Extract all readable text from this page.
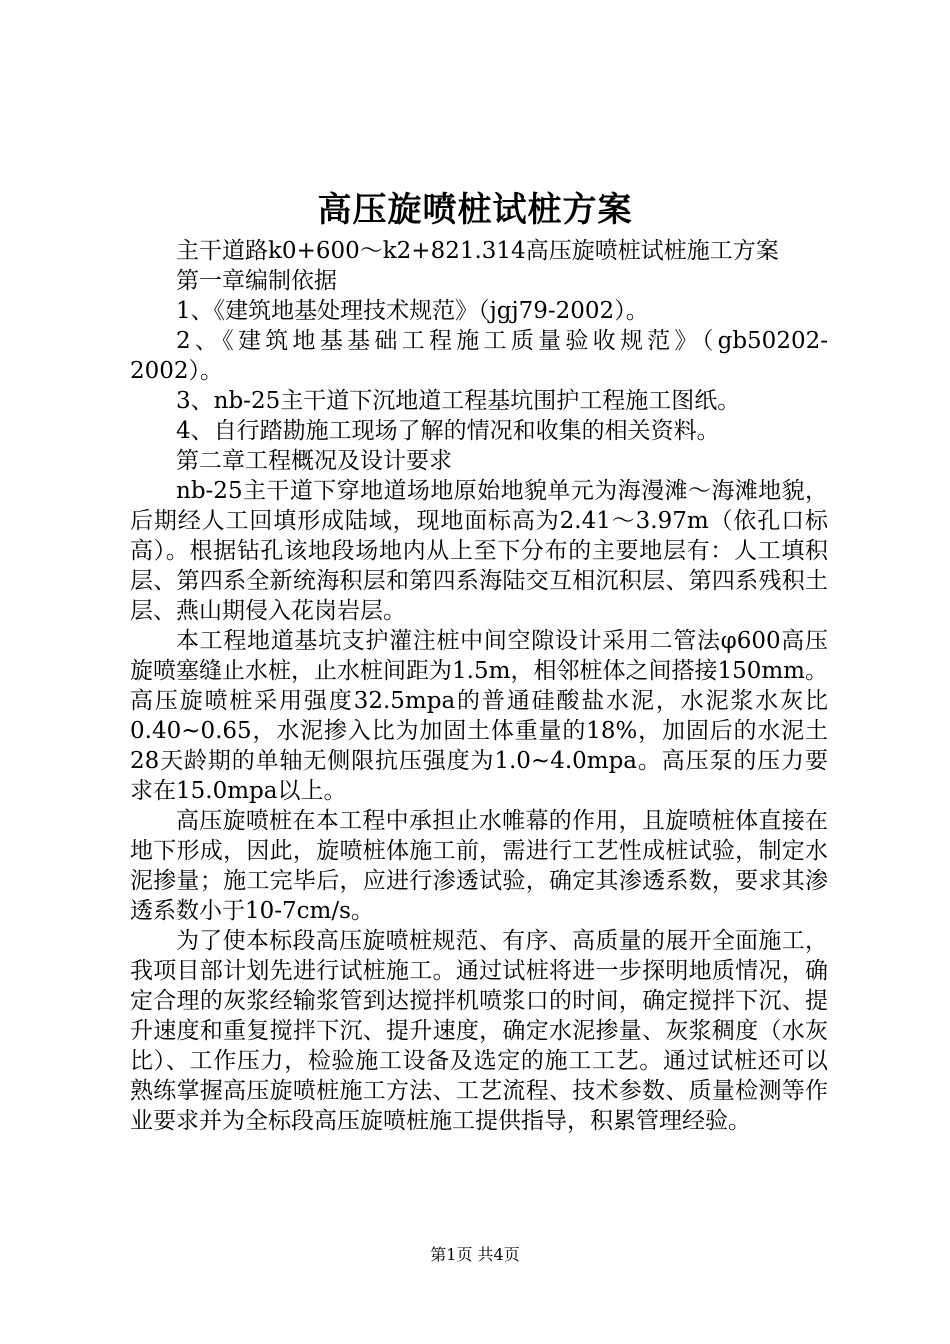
高压旋喷桩试桩方案

主干道路k0+600～k2+821.314高压旋喷桩试桩施工方案

第一章编制依据

1、《建筑地基处理技术规范》（jgj79-2002）。

2、《建筑地基基础工程施工质量验收规范》（gb50202-2002）。

3、nb-25主干道下沉地道工程基坑围护工程施工图纸。

4、自行踏勘施工现场了解的情况和收集的相关资料。

第二章工程概况及设计要求

nb-25主干道下穿地道场地原始地貌单元为海漫滩～海滩地貌，后期经人工回填形成陆域，现地面标高为2.41～3.97m（依孔口标高）。根据钻孔该地段场地内从上至下分布的主要地层有：人工填积层、第四系全新统海积层和第四系海陆交互相沉积层、第四系残积土层、燕山期侵入花岗岩层。

本工程地道基坑支护灌注桩中间空隙设计采用二管法φ600高压旋喷塞缝止水桩，止水桩间距为1.5m，相邻桩体之间搭接150mm。高压旋喷桩采用强度32.5mpa的普通硅酸盐水泥，水泥浆水灰比0.40~0.65，水泥掺入比为加固土体重量的18%，加固后的水泥土28天龄期的单轴无侧限抗压强度为1.0~4.0mpa。高压泵的压力要求在15.0mpa以上。

高压旋喷桩在本工程中承担止水帷幕的作用，且旋喷桩体直接在地下形成，因此，旋喷桩体施工前，需进行工艺性成桩试验，制定水泥掺量；施工完毕后，应进行渗透试验，确定其渗透系数，要求其渗透系数小于10-7cm/s。

为了使本标段高压旋喷桩规范、有序、高质量的展开全面施工，我项目部计划先进行试桩施工。通过试桩将进一步探明地质情况，确定合理的灰浆经输浆管到达搅拌机喷浆口的时间，确定搅拌下沉、提升速度和重复搅拌下沉、提升速度，确定水泥掺量、灰浆稠度（水灰比）、工作压力，检验施工设备及选定的施工工艺。通过试桩还可以熟练掌握高压旋喷桩施工方法、工艺流程、技术参数、质量检测等作业要求并为全标段高压旋喷桩施工提供指导，积累管理经验。

第1页 共4页
